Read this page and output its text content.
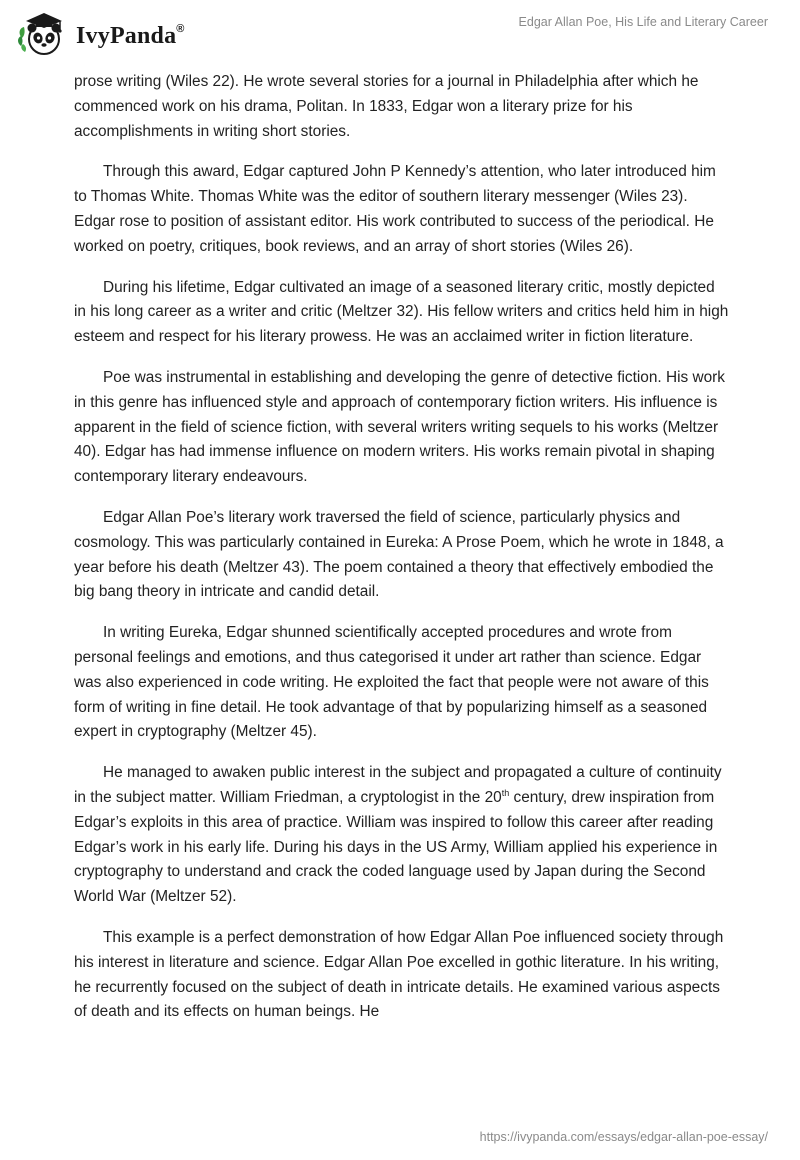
IvyPanda®	Edgar Allan Poe, His Life and Literary Career

prose writing (Wiles 22). He wrote several stories for a journal in Philadelphia after which he commenced work on his drama, Politan. In 1833, Edgar won a literary prize for his accomplishments in writing short stories.

Through this award, Edgar captured John P Kennedy’s attention, who later introduced him to Thomas White. Thomas White was the editor of southern literary messenger (Wiles 23). Edgar rose to position of assistant editor. His work contributed to success of the periodical. He worked on poetry, critiques, book reviews, and an array of short stories (Wiles 26).

During his lifetime, Edgar cultivated an image of a seasoned literary critic, mostly depicted in his long career as a writer and critic (Meltzer 32). His fellow writers and critics held him in high esteem and respect for his literary prowess. He was an acclaimed writer in fiction literature.

Poe was instrumental in establishing and developing the genre of detective fiction. His work in this genre has influenced style and approach of contemporary fiction writers. His influence is apparent in the field of science fiction, with several writers writing sequels to his works (Meltzer 40). Edgar has had immense influence on modern writers. His works remain pivotal in shaping contemporary literary endeavours.

Edgar Allan Poe’s literary work traversed the field of science, particularly physics and cosmology. This was particularly contained in Eureka: A Prose Poem, which he wrote in 1848, a year before his death (Meltzer 43). The poem contained a theory that effectively embodied the big bang theory in intricate and candid detail.

In writing Eureka, Edgar shunned scientifically accepted procedures and wrote from personal feelings and emotions, and thus categorised it under art rather than science. Edgar was also experienced in code writing. He exploited the fact that people were not aware of this form of writing in fine detail. He took advantage of that by popularizing himself as a seasoned expert in cryptography (Meltzer 45).

He managed to awaken public interest in the subject and propagated a culture of continuity in the subject matter. William Friedman, a cryptologist in the 20th century, drew inspiration from Edgar’s exploits in this area of practice. William was inspired to follow this career after reading Edgar’s work in his early life. During his days in the US Army, William applied his experience in cryptography to understand and crack the coded language used by Japan during the Second World War (Meltzer 52).

This example is a perfect demonstration of how Edgar Allan Poe influenced society through his interest in literature and science. Edgar Allan Poe excelled in gothic literature. In his writing, he recurrently focused on the subject of death in intricate details. He examined various aspects of death and its effects on human beings. He

https://ivypanda.com/essays/edgar-allan-poe-essay/
